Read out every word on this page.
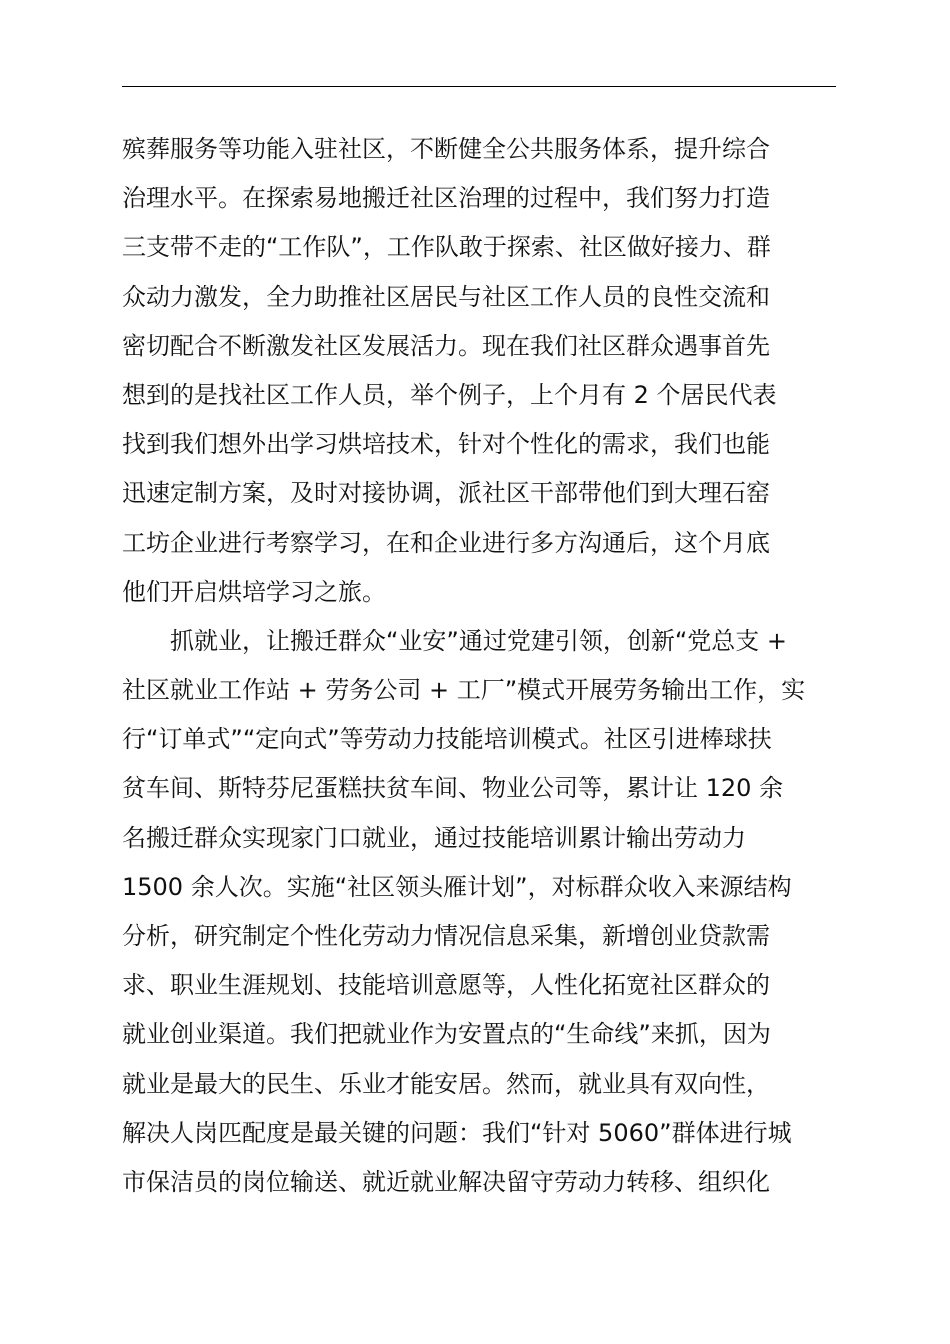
殡葬服务等功能入驻社区，不断健全公共服务体系，提升综合
治理水平。在探索易地搬迁社区治理的过程中，我们努力打造
三支带不走的“工作队”，工作队敢于探索、社区做好接力、群
众动力激发，全力助推社区居民与社区工作人员的良性交流和
密切配合不断激发社区发展活力。现在我们社区群众遇事首先
想到的是找社区工作人员，举个例子，上个月有 2 个居民代表
找到我们想外出学习烘培技术，针对个性化的需求，我们也能
迅速定制方案，及时对接协调，派社区干部带他们到大理石窑
工坊企业进行考察学习，在和企业进行多方沟通后，这个月底
他们开启烘培学习之旅。
抓就业，让搬迁群众“业安”通过党建引领，创新“党总支 +
社区就业工作站 + 劳务公司 + 工厂”模式开展劳务输出工作，实
行“订单式”“定向式”等劳动力技能培训模式。社区引进棒球扶
贫车间、斯特芬尼蛋糕扶贫车间、物业公司等，累计让 120 余
名搬迁群众实现家门口就业，通过技能培训累计输出劳动力
1500 余人次。实施“社区领头雁计划”，对标群众收入来源结构
分析，研究制定个性化劳动力情况信息采集，新增创业贷款需
求、职业生涯规划、技能培训意愿等，人性化拓宽社区群众的
就业创业渠道。我们把就业作为安置点的“生命线”来抓，因为
就业是最大的民生、乐业才能安居。然而，就业具有双向性，
解决人岗匹配度是最关键的问题：我们“针对 5060”群体进行城
市保洁员的岗位输送、就近就业解决留守劳动力转移、组织化
